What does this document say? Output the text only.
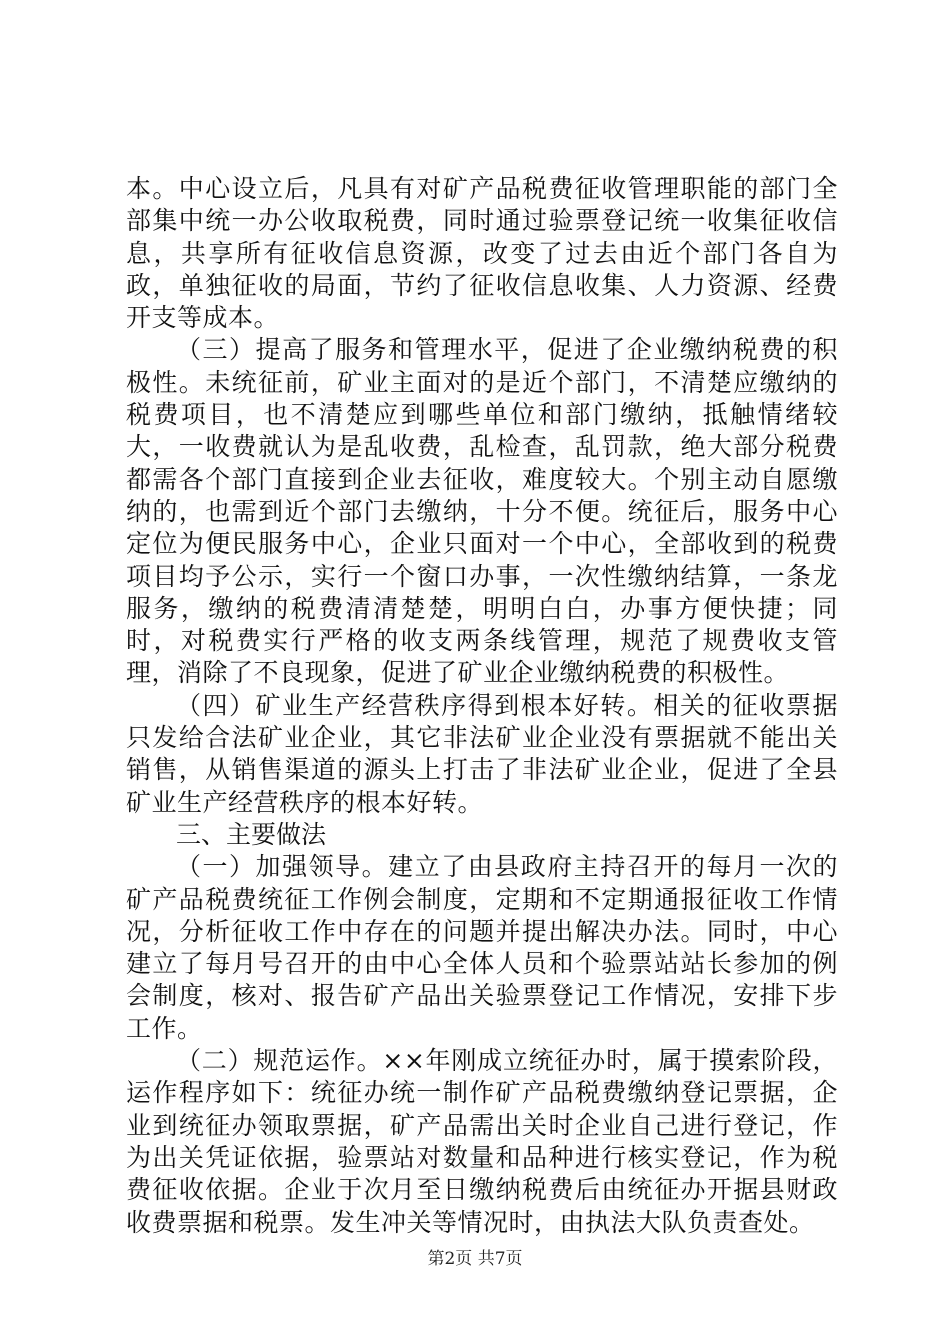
本。中心设立后，凡具有对矿产品税费征收管理职能的部门全部集中统一办公收取税费，同时通过验票登记统一收集征收信息，共享所有征收信息资源，改变了过去由近个部门各自为政，单独征收的局面，节约了征收信息收集、人力资源、经费开支等成本。

（三）提高了服务和管理水平，促进了企业缴纳税费的积极性。未统征前，矿业主面对的是近个部门，不清楚应缴纳的税费项目，也不清楚应到哪些单位和部门缴纳，抵触情绪较大，一收费就认为是乱收费，乱检查，乱罚款，绝大部分税费都需各个部门直接到企业去征收，难度较大。个别主动自愿缴纳的，也需到近个部门去缴纳，十分不便。统征后，服务中心定位为便民服务中心，企业只面对一个中心，全部收到的税费项目均予公示，实行一个窗口办事，一次性缴纳结算，一条龙服务，缴纳的税费清清楚楚，明明白白，办事方便快捷；同时，对税费实行严格的收支两条线管理，规范了规费收支管理，消除了不良现象，促进了矿业企业缴纳税费的积极性。

（四）矿业生产经营秩序得到根本好转。相关的征收票据只发给合法矿业企业，其它非法矿业企业没有票据就不能出关销售，从销售渠道的源头上打击了非法矿业企业，促进了全县矿业生产经营秩序的根本好转。

三、主要做法

（一）加强领导。建立了由县政府主持召开的每月一次的矿产品税费统征工作例会制度，定期和不定期通报征收工作情况，分析征收工作中存在的问题并提出解决办法。同时，中心建立了每月号召开的由中心全体人员和个验票站站长参加的例会制度，核对、报告矿产品出关验票登记工作情况，安排下步工作。

（二）规范运作。××年刚成立统征办时，属于摸索阶段，运作程序如下：统征办统一制作矿产品税费缴纳登记票据，企业到统征办领取票据，矿产品需出关时企业自己进行登记，作为出关凭证依据，验票站对数量和品种进行核实登记，作为税费征收依据。企业于次月至日缴纳税费后由统征办开据县财政收费票据和税票。发生冲关等情况时，由执法大队负责查处。

第2页 共7页
